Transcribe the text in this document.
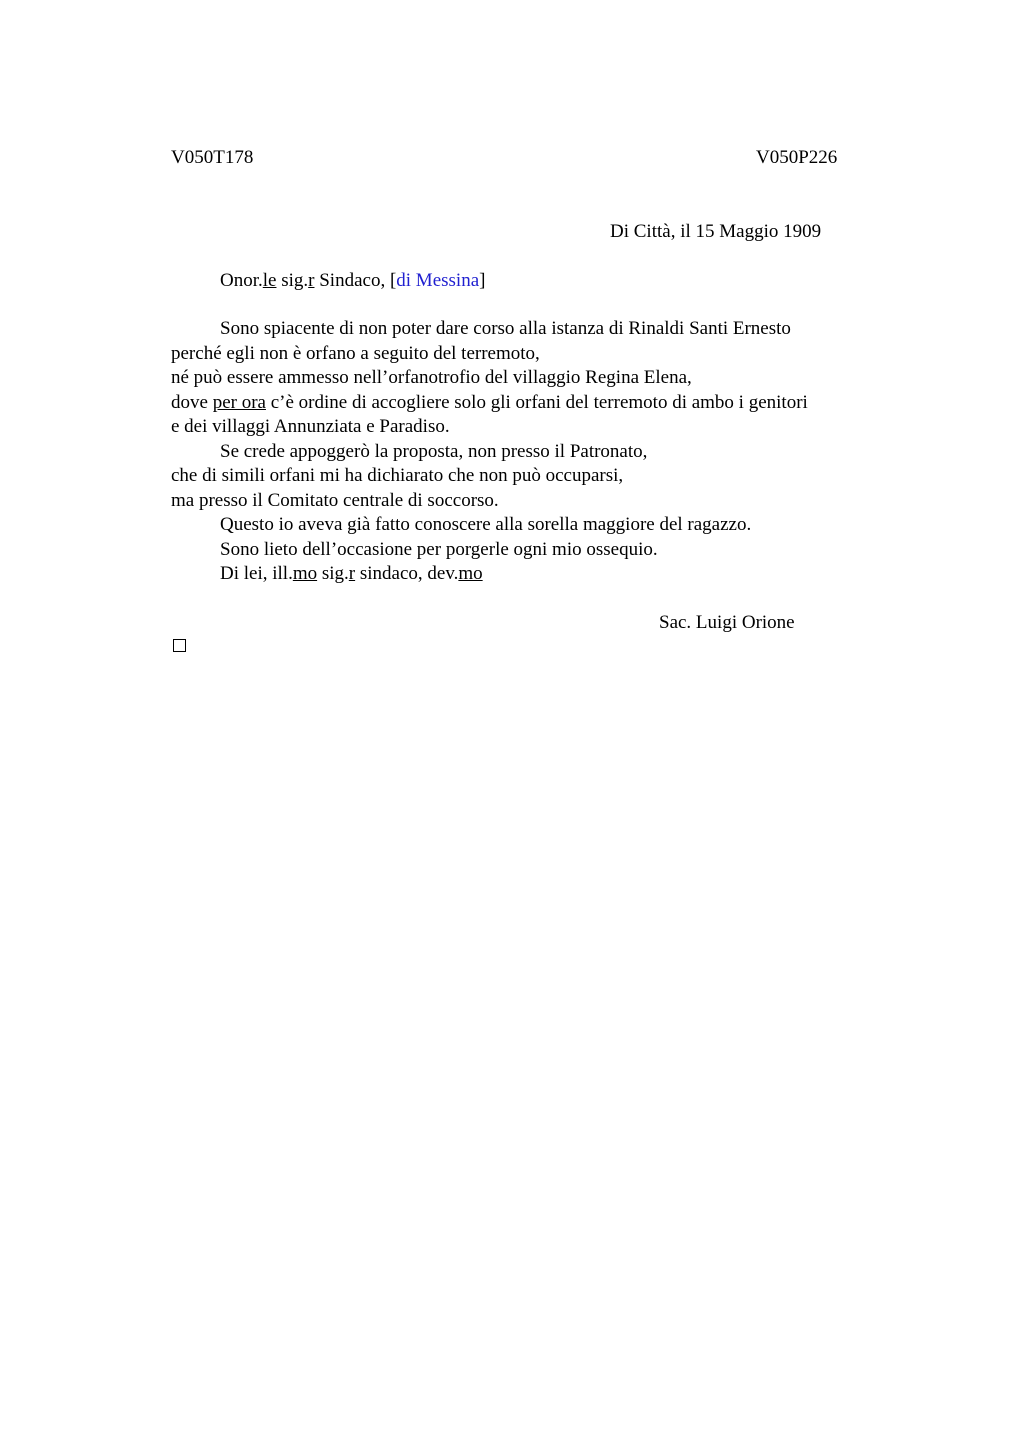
V050T178	V050P226
Di Città, il 15 Maggio 1909
Onor.le sig.r Sindaco, [di Messina]
Sono spiacente di non poter dare corso alla istanza di Rinaldi Santi Ernesto
perché egli non è orfano a seguito del terremoto,
né può essere ammesso nell’orfanotrofio del villaggio Regina Elena,
dove per ora c’è ordine di accogliere solo gli orfani del terremoto di ambo i genitori
e dei villaggi Annunziata e Paradiso.
Se crede appoggerò la proposta, non presso il Patronato,
che di simili orfani mi ha dichiarato che non può occuparsi,
ma presso il Comitato centrale di soccorso.
Questo io aveva già fatto conoscere alla sorella maggiore del ragazzo.
Sono lieto dell’occasione per porgerle ogni mio ossequio.
Di lei, ill.mo sig.r sindaco, dev.mo
Sac. Luigi Orione
